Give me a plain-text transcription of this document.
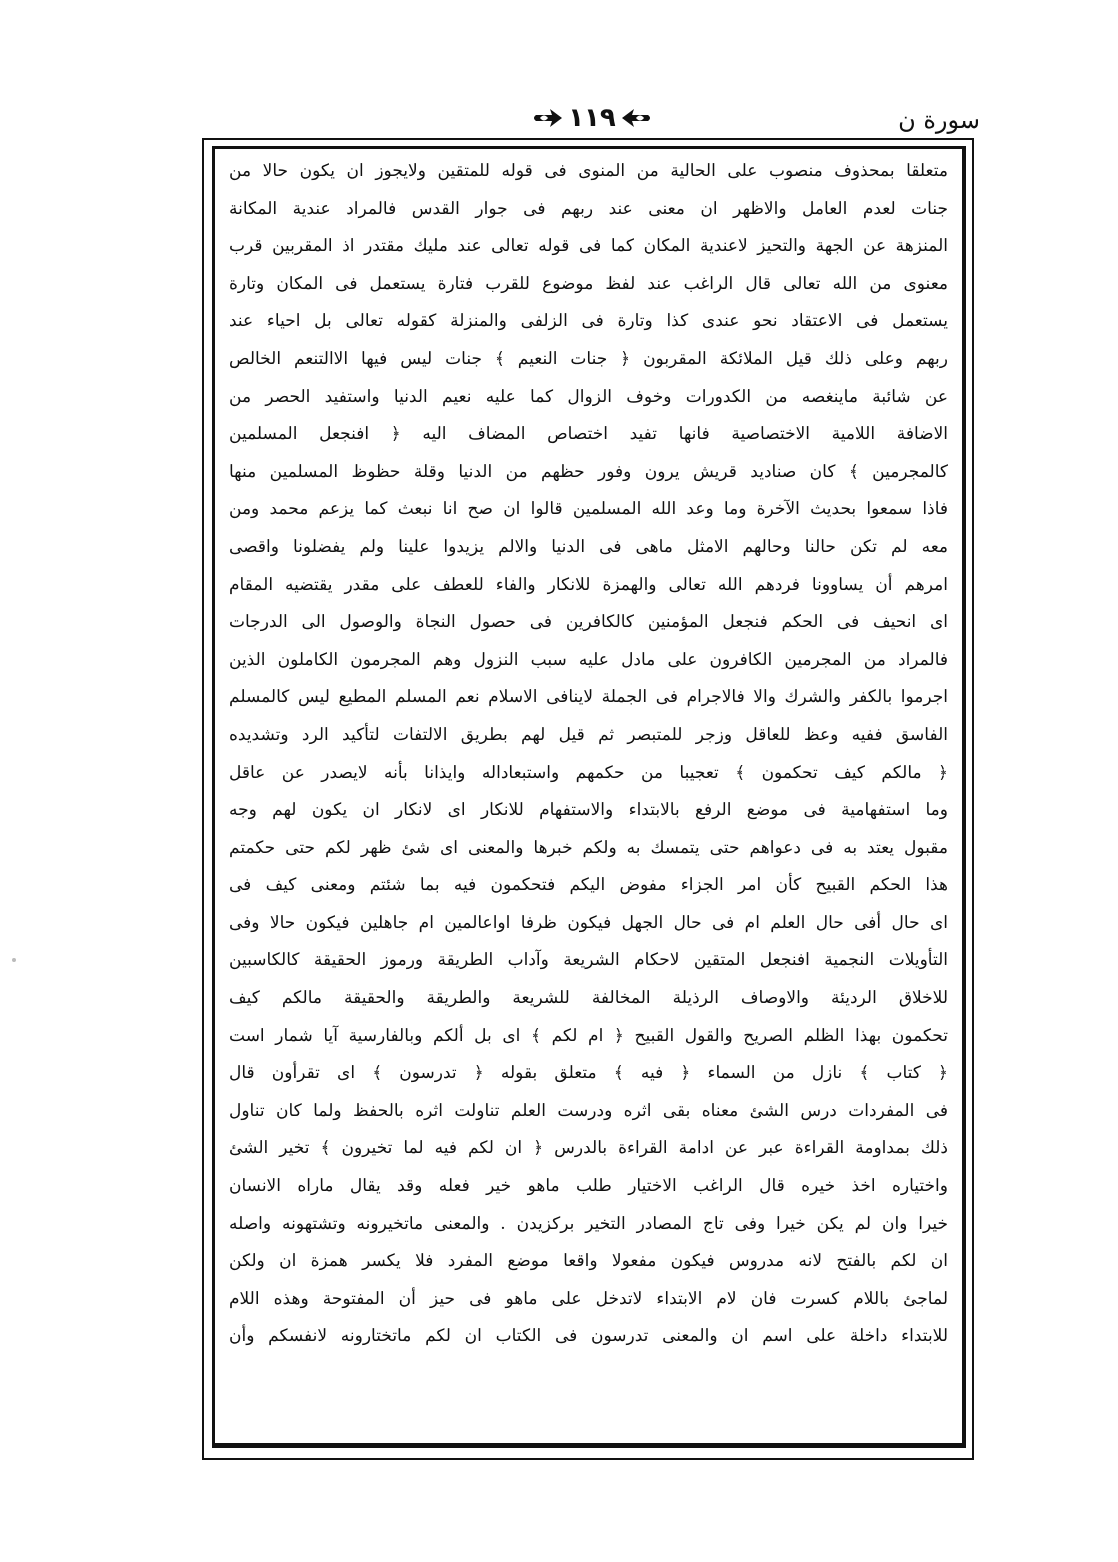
١١٩	سورة ن
متعلقا بمحذوف منصوب على الحالية من المنوى فى قوله للمتقين ولايجوز ان يكون حالا من
جنات لعدم العامل والاظهر ان معنى عند ربهم فى جوار القدس فالمراد عندية المكانة
المنزهة عن الجهة والتحيز لاعندية المكان كما فى قوله تعالى عند مليك مقتدر اذ المقربين قرب
معنوى من الله تعالى قال الراغب عند لفظ موضوع للقرب فتارة يستعمل فى المكان وتارة
يستعمل فى الاعتقاد نحو عندى كذا وتارة فى الزلفى والمنزلة كقوله تعالى بل احياء عند
ربهم وعلى ذلك قيل الملائكة المقربون ﴿ جنات النعيم ﴾ جنات ليس فيها الاالتنعم الخالص
عن شائبة ماينغصه من الكدورات وخوف الزوال كما عليه نعيم الدنيا واستفيد الحصر من
الاضافة اللامية الاختصاصية فانها تفيد اختصاص المضاف اليه ﴿ افنجعل المسلمين
كالمجرمين ﴾ كان صناديد قريش يرون وفور حظهم من الدنيا وقلة حظوظ المسلمين منها
فاذا سمعوا بحديث الآخرة وما وعد الله المسلمين قالوا ان صح انا نبعث كما يزعم محمد ومن
معه لم تكن حالنا وحالهم الامثل ماهى فى الدنيا والالم يزيدوا علينا ولم يفضلونا واقصى
امرهم أن يساوونا فردهم الله تعالى والهمزة للانكار والفاء للعطف على مقدر يقتضيه المقام
اى انحيف فى الحكم فنجعل المؤمنين كالكافرين فى حصول النجاة والوصول الى الدرجات
فالمراد من المجرمين الكافرون على مادل عليه سبب النزول وهم المجرمون الكاملون الذين
اجرموا بالكفر والشرك والا فالاجرام فى الجملة لاينافى الاسلام نعم المسلم المطيع ليس كالمسلم
الفاسق ففيه وعظ للعاقل وزجر للمتبصر ثم قيل لهم بطريق الالتفات لتأكيد الرد وتشديده
﴿ مالكم كيف تحكمون ﴾ تعجيبا من حكمهم واستبعاداله وايذانا بأنه لايصدر عن عاقل
وما استفهامية فى موضع الرفع بالابتداء والاستفهام للانكار اى لانكار ان يكون لهم وجه
مقبول يعتد به فى دعواهم حتى يتمسك به ولكم خبرها والمعنى اى شئ ظهر لكم حتى حكمتم
هذا الحكم القبيح كأن امر الجزاء مفوض اليكم فتحكمون فيه بما شئتم ومعنى كيف فى
اى حال أفى حال العلم ام فى حال الجهل فيكون ظرفا اواعالمين ام جاهلين فيكون حالا وفى
التأويلات النجمية افنجعل المتقين لاحكام الشريعة وآداب الطريقة ورموز الحقيقة كالكاسبين
للاخلاق الرديئة والاوصاف الرذيلة المخالفة للشريعة والطريقة والحقيقة مالكم كيف
تحكمون بهذا الظلم الصريح والقول القبيح ﴿ ام لكم ﴾ اى بل ألكم وبالفارسية آيا شمار است
﴿ كتاب ﴾ نازل من السماء ﴿ فيه ﴾ متعلق بقوله ﴿ تدرسون ﴾ اى تقرأون قال
فى المفردات درس الشئ معناه بقى اثره ودرست العلم تناولت اثره بالحفظ ولما كان تناول
ذلك بمداومة القراءة عبر عن ادامة القراءة بالدرس ﴿ ان لكم فيه لما تخيرون ﴾ تخير الشئ
واختياره اخذ خيره قال الراغب الاختيار طلب ماهو خير فعله وقد يقال ماراه الانسان
خيرا وان لم يكن خيرا وفى تاج المصادر التخير بركزيدن . والمعنى ماتخيرونه وتشتهونه واصله
ان لكم بالفتح لانه مدروس فيكون مفعولا واقعا موضع المفرد فلا يكسر همزة ان ولكن
لماجئ باللام كسرت فان لام الابتداء لاتدخل على ماهو فى حيز أن المفتوحة وهذه اللام
للابتداء داخلة على اسم ان والمعنى تدرسون فى الكتاب ان لكم ماتختارونه لانفسكم وأن
